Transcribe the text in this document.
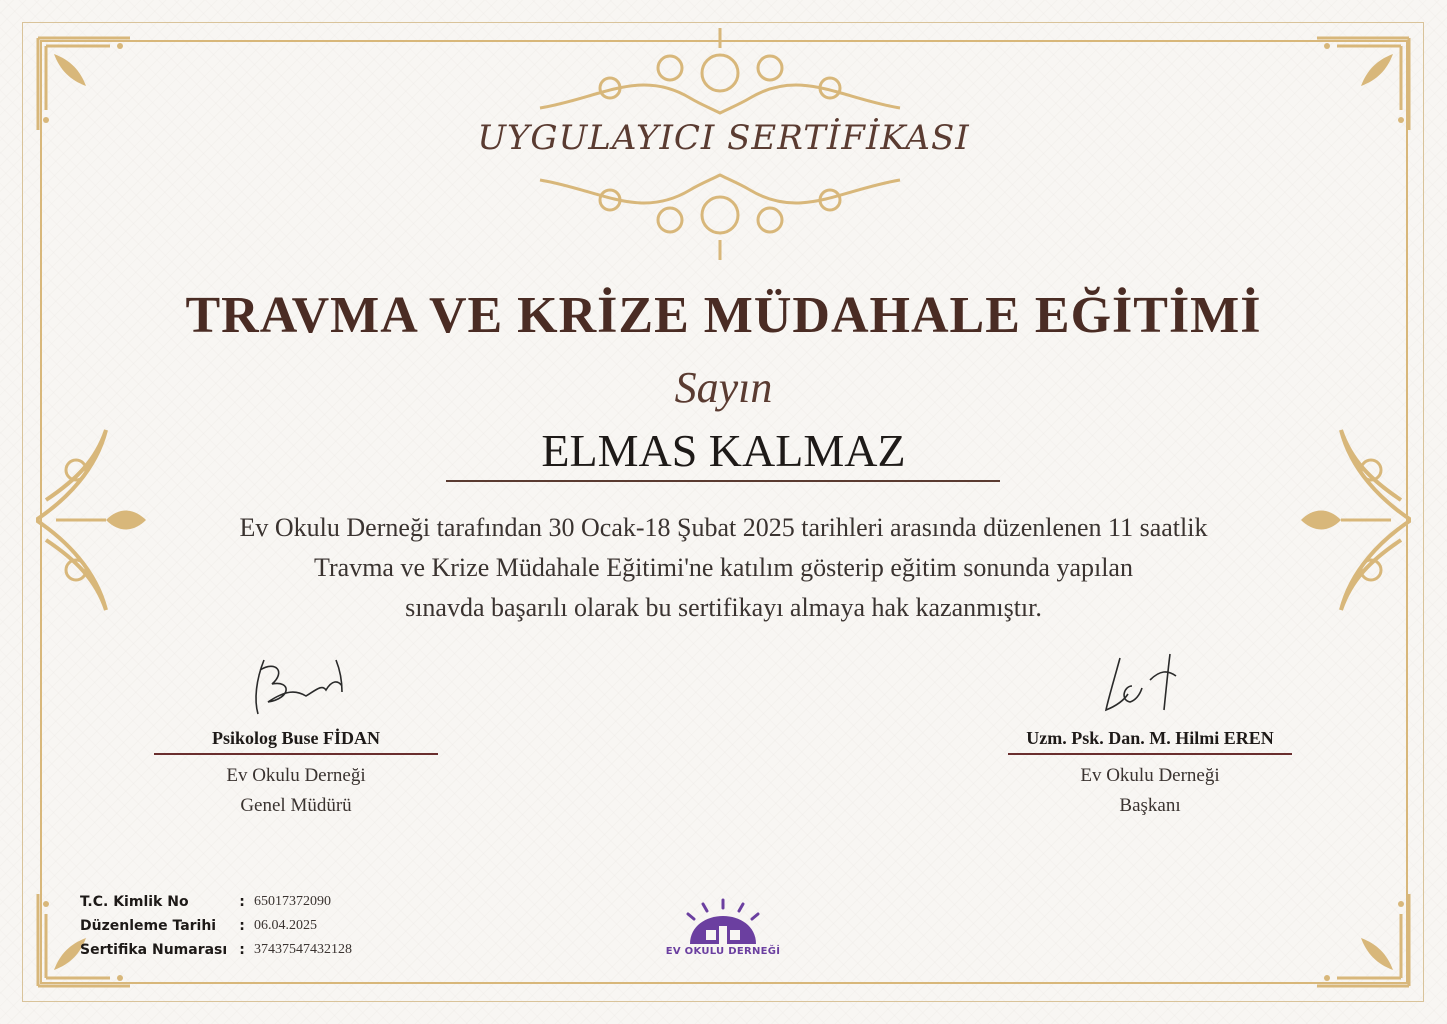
UYGULAYICI SERTİFİKASI
TRAVMA VE KRİZE MÜDAHALE EĞİTİMİ
Sayın
ELMAS KALMAZ
Ev Okulu Derneği tarafından 30 Ocak-18 Şubat 2025 tarihleri arasında düzenlenen 11 saatlik
Travma ve Krize Müdahale Eğitimi'ne katılım gösterip eğitim sonunda yapılan
sınavda başarılı olarak bu sertifikayı almaya hak kazanmıştır.
Psikolog Buse FİDAN
Ev Okulu Derneği
Genel Müdürü
Uzm. Psk. Dan. M. Hilmi EREN
Ev Okulu Derneği
Başkanı
T.C. Kimlik No	: 65017372090
Düzenleme Tarihi	: 06.04.2025
Sertifika Numarası : 37437547432128	EV OKULU DERNEĞİ
